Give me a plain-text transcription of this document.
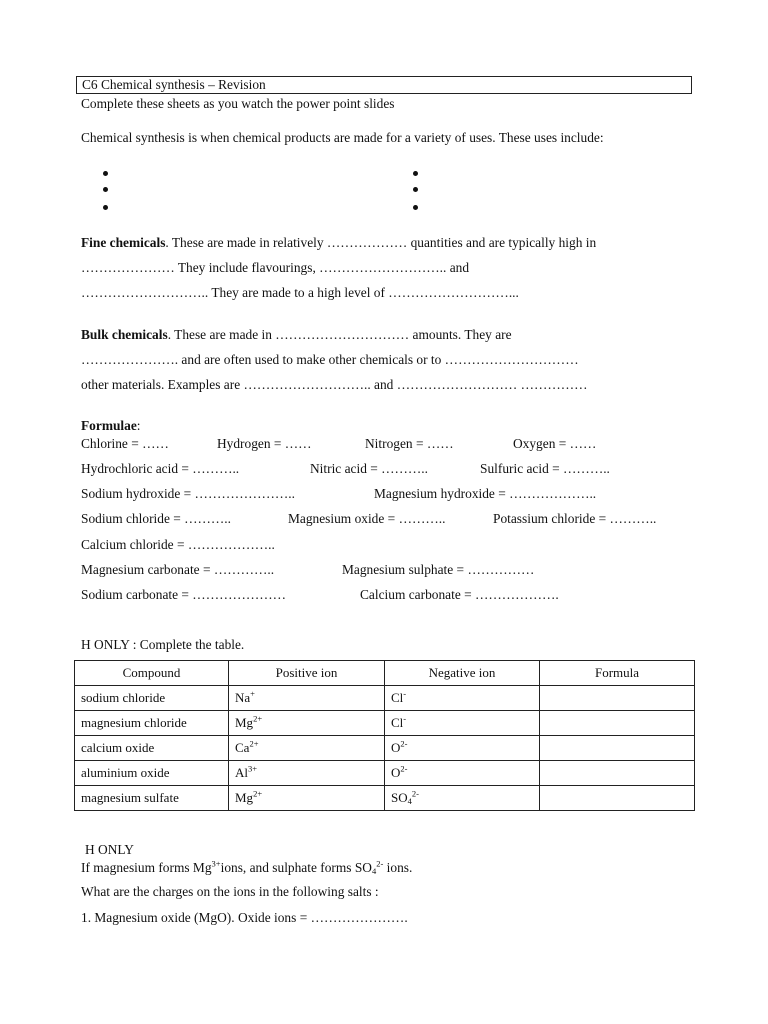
C6 Chemical synthesis – Revision
Complete these sheets as you watch the power point slides
Chemical synthesis is when chemical products are made for a variety of uses. These uses include:
Fine chemicals. These are made in relatively ……………… quantities and are typically high in
………………… They include flavourings, ……………………….. and
……………………….. They are made to a high level of ………………………...
Bulk chemicals. These are made in ………………………… amounts. They are
…………………. and are often used to make other chemicals or to …………………………
other materials. Examples are ……………………….. and ……………………… ……………
Formulae:
Chlorine = ……	Hydrogen = ……	Nitrogen = ……	Oxygen = ……
Hydrochloric acid = ………..	Nitric acid = ………..	Sulfuric acid = ………..
Sodium hydroxide = …………………..	Magnesium hydroxide = ………………..
Sodium chloride = ………..	Magnesium oxide = ………..	Potassium chloride = ………..
Calcium chloride = ………………..
Magnesium carbonate = …………..	Magnesium sulphate = ……………
Sodium carbonate = …………………	Calcium carbonate = ……………….
H ONLY : Complete the table.
Compound	Positive ion	Negative ion	Formula
sodium chloride	Na+	Cl-	
magnesium chloride	$Mg^{2+}$	Cl-	
calcium oxide	$Ca^{2+}$	$O^{2-}$	
aluminium oxide	$Al^{3+}$	$O^{2-}$	
magnesium sulfate	$Mg^{2+}$	$SO_4^{2-}$	
H ONLY
If magnesium forms $Mg^{3+}ions$, and sulphate forms $SO_4^{2-}$ ions.
What are the charges on the ions in the following salts :
1. Magnesium oxide (MgO). Oxide ions = ………………….
